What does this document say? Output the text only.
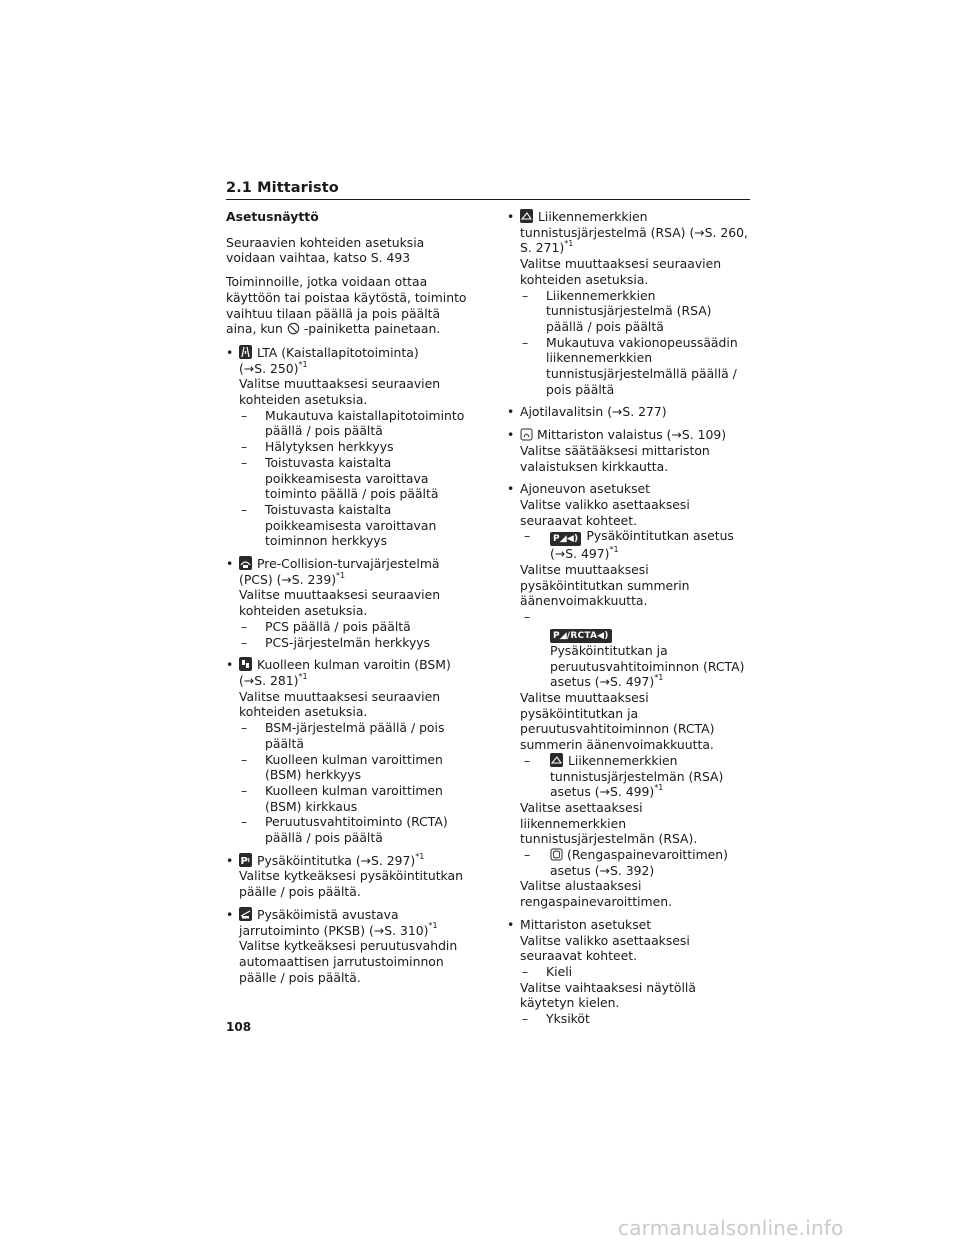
2.1 Mittaristo

Asetusnäyttö

Seuraavien kohteiden asetuksia voidaan vaihtaa, katso S. 493

Toiminnoille, jotka voidaan ottaa käyttöön tai poistaa käytöstä, toiminto vaihtuu tilaan päällä ja pois päältä aina, kun -painiketta painetaan.

•	LTA (Kaistallapitotoiminta)
(→S. 250)$^{*1}$

Valitse muuttaaksesi seuraavien kohteiden asetuksia.

– Mukautuva kaistallapitotoiminto päällä / pois päältä
– Hälytyksen herkkyys
– Toistuvasta kaistalta poikkeamisesta varoittava toiminto päällä / pois päältä
– Toistuvasta kaistalta poikkeamisesta varoittavan toiminnon herkkyys
•	Pre-Collision-turvajärjestelmä (PCS) (→S. 239)$^{*1}$

Valitse muuttaaksesi seuraavien kohteiden asetuksia.

– PCS päällä / pois päältä
– PCS-järjestelmän herkkyys
•	Kuolleen kulman varoitin (BSM)
(→S. 281)$^{*1}$

Valitse muuttaaksesi seuraavien kohteiden asetuksia.

– BSM-järjestelmä päällä / pois päältä
– Kuolleen kulman varoittimen (BSM) herkkyys
– Kuolleen kulman varoittimen (BSM) kirkkaus
– Peruutusvahtitoiminto (RCTA) päällä / pois päältä
• P Pysäköintitutka (→S. 297)$^{*1}$

Valitse kytkeäksesi pysäköintitutkan päälle / pois päältä.

•	Pysäköimistä avustava jarrutoiminto (PKSB) (→S. 310)$^{*1}$

Valitse kytkeäksesi peruutusvahdin automaattisen jarrutustoiminnon päälle / pois päältä.

•	Liikennemerkkien tunnistusjärjestelmä (RSA) (→S. 260, S. 271)$^{*1}$

Valitse muuttaaksesi seuraavien kohteiden asetuksia.

– Liikennemerkkien tunnistusjärjestelmä (RSA) päällä / pois päältä
– Mukautuva vakionopeussäädin liikennemerkkien tunnistusjärjestelmällä päällä / pois päältä
• Ajotilavalitsin (→S. 277)

•	Mittariston valaistus (→S. 109)

Valitse säätääksesi mittariston valaistuksen kirkkautta.

• Ajoneuvon asetukset

Valitse valikko asettaaksesi seuraavat kohteet.

–	P◢◀) Pysäköintitutkan asetus (→S. 497)$^{*1}$

Valitse muuttaaksesi pysäköintitutkan summerin äänenvoimakkuutta.

–

P◢/RCTA◀)
Pysäköintitutkan ja peruutusvahtitoiminnon (RCTA) asetus (→S. 497)$^{*1}$

Valitse muuttaaksesi pysäköintitutkan ja peruutusvahtitoiminnon (RCTA) summerin äänenvoimakkuutta.

–	Liikennemerkkien tunnistusjärjestelmän (RSA) asetus (→S. 499)$^{*1}$

Valitse asettaaksesi liikennemerkkien tunnistusjärjestelmän (RSA).

–	(Rengaspainevaroittimen) asetus (→S. 392)

Valitse alustaaksesi rengaspainevaroittimen.

• Mittariston asetukset

Valitse valikko asettaaksesi seuraavat kohteet.

– Kieli

Valitse vaihtaaksesi näytöllä käytetyn kielen.

– Yksiköt
108
carmanualsonline.info
